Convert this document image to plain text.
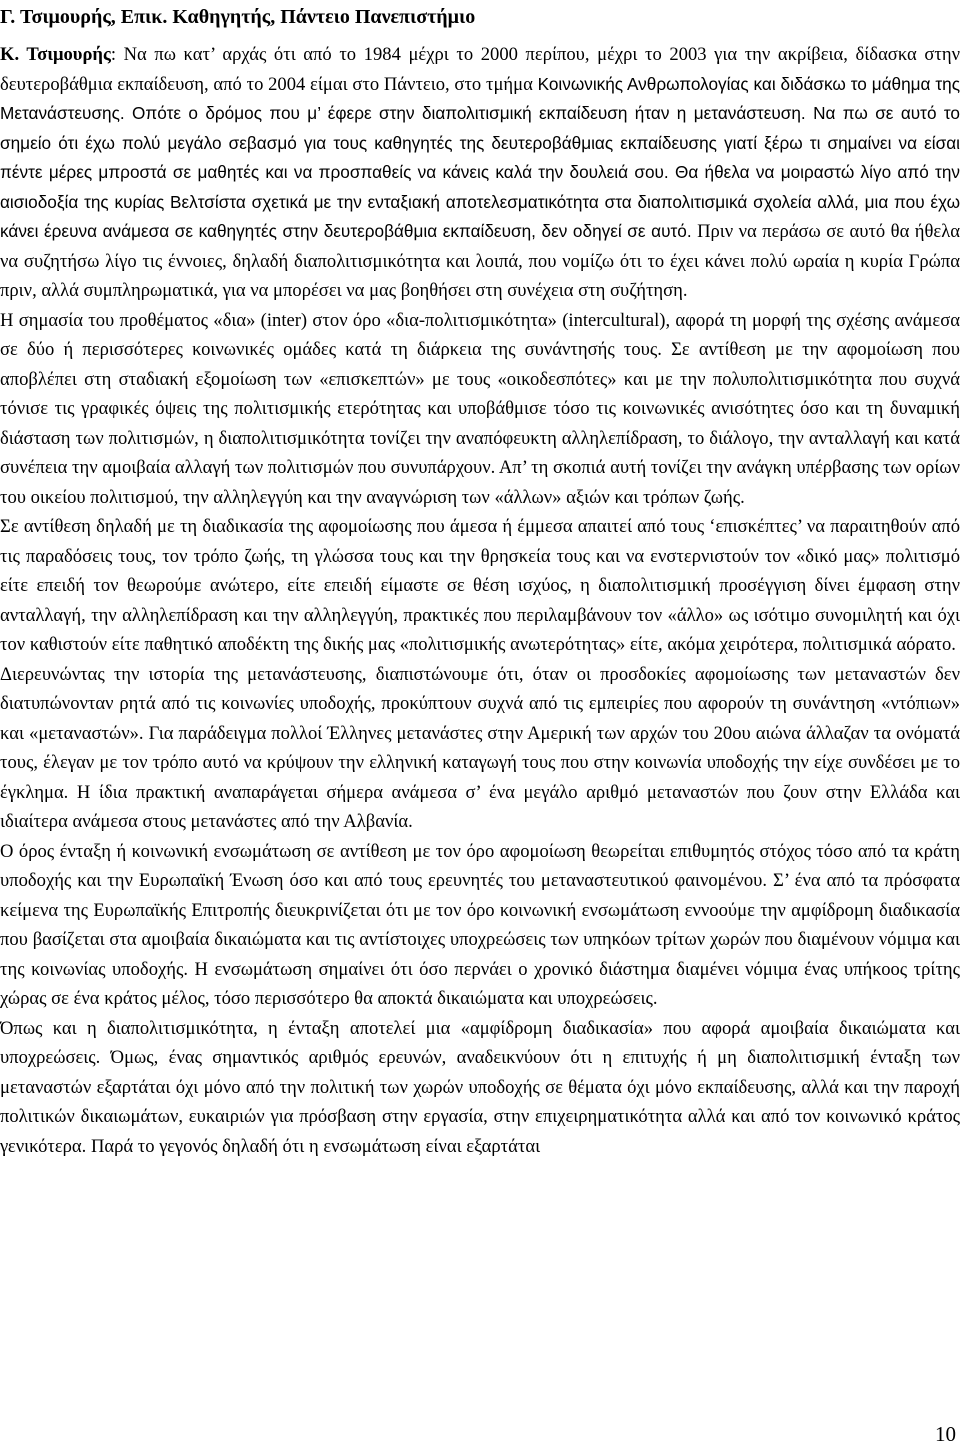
Γ. Τσιμουρής, Επικ. Καθηγητής, Πάντειο Πανεπιστήμιο

Κ. Τσιμουρής: Να πω κατ’ αρχάς ότι από το 1984 μέχρι το 2000 περίπου, μέχρι το 2003 για την ακρίβεια, δίδασκα στην δευτεροβάθμια εκπαίδευση, από το 2004 είμαι στο Πάντειο, στο τμήμα Κοινωνικής Ανθρωπολογίας και διδάσκω το μάθημα της Μετανάστευσης. Οπότε ο δρόμος που μ’ έφερε στην διαπολιτισμική εκπαίδευση ήταν η μετανάστευση. Να πω σε αυτό το σημείο ότι έχω πολύ μεγάλο σεβασμό για τους καθηγητές της δευτεροβάθμιας εκπαίδευσης γιατί ξέρω τι σημαίνει να είσαι πέντε μέρες μπροστά σε μαθητές και να προσπαθείς να κάνεις καλά την δουλειά σου. Θα ήθελα να μοιραστώ λίγο από την αισιοδοξία της κυρίας Βελτσίστα σχετικά με την ενταξιακή αποτελεσματικότητα στα διαπολιτισμικά σχολεία αλλά, μια που έχω κάνει έρευνα ανάμεσα σε καθηγητές στην δευτεροβάθμια εκπαίδευση, δεν οδηγεί σε αυτό. Πριν να περάσω σε αυτό θα ήθελα να συζητήσω λίγο τις έννοιες, δηλαδή διαπολιτισμικότητα και λοιπά, που νομίζω ότι το έχει κάνει πολύ ωραία η κυρία Γρώπα πριν, αλλά συμπληρωματικά, για να μπορέσει να μας βοηθήσει στη συνέχεια στη συζήτηση.

Η σημασία του προθέματος «δια» (inter) στον όρο «δια-πολιτισμικότητα» (intercultural), αφορά τη μορφή της σχέσης ανάμεσα σε δύο ή περισσότερες κοινωνικές ομάδες κατά τη διάρκεια της συνάντησής τους. Σε αντίθεση με την αφομοίωση που αποβλέπει στη σταδιακή εξομοίωση των «επισκεπτών» με τους «οικοδεσπότες» και με την πολυπολιτισμικότητα που συχνά τόνισε τις γραφικές όψεις της πολιτισμικής ετερότητας και υποβάθμισε τόσο τις κοινωνικές ανισότητες όσο και τη δυναμική διάσταση των πολιτισμών, η διαπολιτισμικότητα τονίζει την αναπόφευκτη αλληλεπίδραση, το διάλογο, την ανταλλαγή και κατά συνέπεια την αμοιβαία αλλαγή των πολιτισμών που συνυπάρχουν. Απ’ τη σκοπιά αυτή τονίζει την ανάγκη υπέρβασης των ορίων του οικείου πολιτισμού, την αλληλεγγύη και την αναγνώριση των «άλλων» αξιών και τρόπων ζωής.

Σε αντίθεση δηλαδή με τη διαδικασία της αφομοίωσης που άμεσα ή έμμεσα απαιτεί από τους ‘επισκέπτες’ να παραιτηθούν από τις παραδόσεις τους, τον τρόπο ζωής, τη γλώσσα τους και την θρησκεία τους και να ενστερνιστούν τον «δικό μας» πολιτισμό είτε επειδή τον θεωρούμε ανώτερο, είτε επειδή είμαστε σε θέση ισχύος, η διαπολιτισμική προσέγγιση δίνει έμφαση στην ανταλλαγή, την αλληλεπίδραση και την αλληλεγγύη, πρακτικές που περιλαμβάνουν τον «άλλο» ως ισότιμο συνομιλητή και όχι τον καθιστούν είτε παθητικό αποδέκτη της δικής μας «πολιτισμικής ανωτερότητας» είτε, ακόμα χειρότερα, πολιτισμικά αόρατο.

Διερευνώντας την ιστορία της μετανάστευσης, διαπιστώνουμε ότι, όταν οι προσδοκίες αφομοίωσης των μεταναστών δεν διατυπώνονταν ρητά από τις κοινωνίες υποδοχής, προκύπτουν συχνά από τις εμπειρίες που αφορούν τη συνάντηση «ντόπιων» και «μεταναστών». Για παράδειγμα πολλοί Έλληνες μετανάστες στην Αμερική των αρχών του 20ου αιώνα άλλαζαν τα ονόματά τους, έλεγαν με τον τρόπο αυτό να κρύψουν την ελληνική καταγωγή τους που στην κοινωνία υποδοχής την είχε συνδέσει με το έγκλημα. Η ίδια πρακτική αναπαράγεται σήμερα ανάμεσα σ’ ένα μεγάλο αριθμό μεταναστών που ζουν στην Ελλάδα και ιδιαίτερα ανάμεσα στους μετανάστες από την Αλβανία.

Ο όρος ένταξη ή κοινωνική ενσωμάτωση σε αντίθεση με τον όρο αφομοίωση θεωρείται επιθυμητός στόχος τόσο από τα κράτη υποδοχής και την Ευρωπαϊκή Ένωση όσο και από τους ερευνητές του μεταναστευτικού φαινομένου. Σ’ ένα από τα πρόσφατα κείμενα της Ευρωπαϊκής Επιτροπής διευκρινίζεται ότι με τον όρο κοινωνική ενσωμάτωση εννοούμε την αμφίδρομη διαδικασία που βασίζεται στα αμοιβαία δικαιώματα και τις αντίστοιχες υποχρεώσεις των υπηκόων τρίτων χωρών που διαμένουν νόμιμα και της κοινωνίας υποδοχής. Η ενσωμάτωση σημαίνει ότι όσο περνάει ο χρονικό διάστημα διαμένει νόμιμα ένας υπήκοος τρίτης χώρας σε ένα κράτος μέλος, τόσο περισσότερο θα αποκτά δικαιώματα και υποχρεώσεις.

Όπως και η διαπολιτισμικότητα, η ένταξη αποτελεί μια «αμφίδρομη διαδικασία» που αφορά αμοιβαία δικαιώματα και υποχρεώσεις. Όμως, ένας σημαντικός αριθμός ερευνών, αναδεικνύουν ότι η επιτυχής ή μη διαπολιτισμική ένταξη των μεταναστών εξαρτάται όχι μόνο από την πολιτική των χωρών υποδοχής σε θέματα όχι μόνο εκπαίδευσης, αλλά και την παροχή πολιτικών δικαιωμάτων, ευκαιριών για πρόσβαση στην εργασία, στην επιχειρηματικότητα αλλά και από τον κοινωνικό κράτος γενικότερα. Παρά το γεγονός δηλαδή ότι η ενσωμάτωση είναι εξαρτάται

10
